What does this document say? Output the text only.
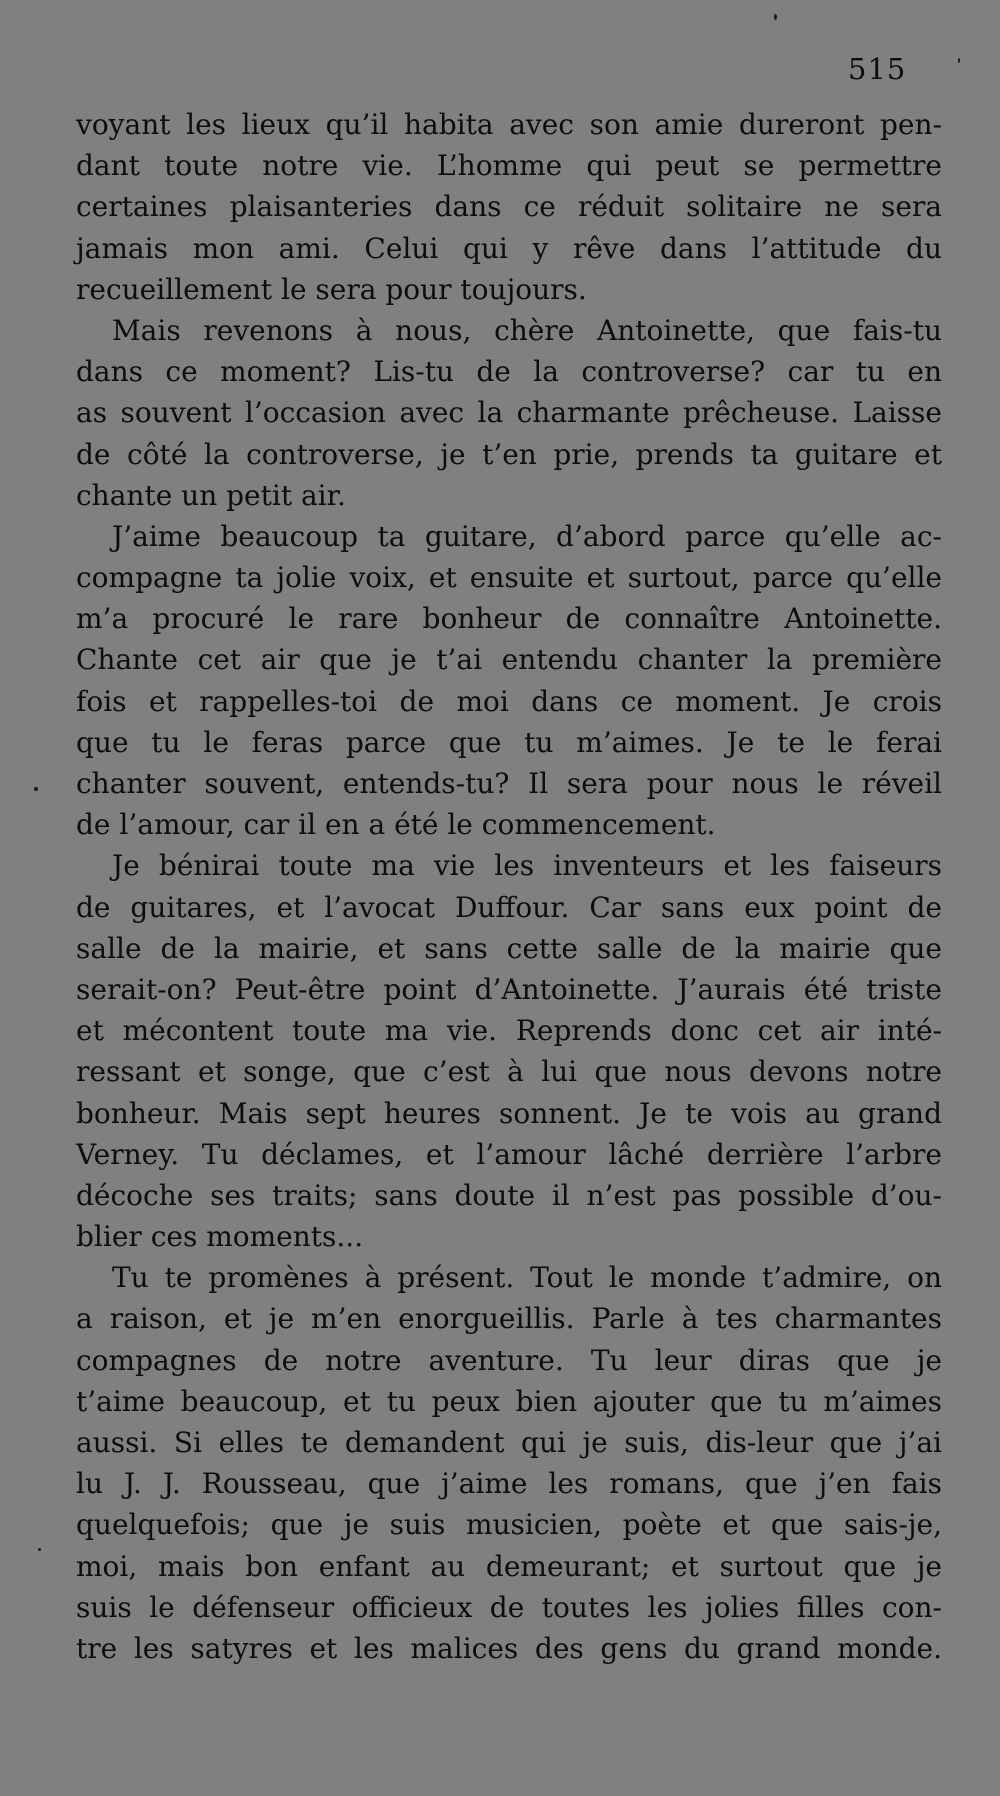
515

voyant les lieux qu’il habita avec son amie dureront pen-
dant toute notre vie. L’homme qui peut se permettre
certaines plaisanteries dans ce réduit solitaire ne sera
jamais mon ami. Celui qui y rêve dans l’attitude du
recueillement le sera pour toujours.

Mais revenons à nous, chère Antoinette, que fais-tu
dans ce moment? Lis-tu de la controverse? car tu en
as souvent l’occasion avec la charmante prêcheuse. Laisse
de côté la controverse, je t’en prie, prends ta guitare et
chante un petit air.

J’aime beaucoup ta guitare, d’abord parce qu’elle ac-
compagne ta jolie voix, et ensuite et surtout, parce qu’elle
m’a procuré le rare bonheur de connaître Antoinette.
Chante cet air que je t’ai entendu chanter la première
fois et rappelles-toi de moi dans ce moment. Je crois
que tu le feras parce que tu m’aimes. Je te le ferai
chanter souvent, entends-tu? Il sera pour nous le réveil
de l’amour, car il en a été le commencement.

Je bénirai toute ma vie les inventeurs et les faiseurs
de guitares, et l’avocat Duffour. Car sans eux point de
salle de la mairie, et sans cette salle de la mairie que
serait-on? Peut-être point d’Antoinette. J’aurais été triste
et mécontent toute ma vie. Reprends donc cet air inté-
ressant et songe, que c’est à lui que nous devons notre
bonheur. Mais sept heures sonnent. Je te vois au grand
Verney. Tu déclames, et l’amour lâché derrière l’arbre
décoche ses traits; sans doute il n’est pas possible d’ou-
blier ces moments...

Tu te promènes à présent. Tout le monde t’admire, on
a raison, et je m’en enorgueillis. Parle à tes charmantes
compagnes de notre aventure. Tu leur diras que je
t’aime beaucoup, et tu peux bien ajouter que tu m’aimes
aussi. Si elles te demandent qui je suis, dis-leur que j’ai
lu J. J. Rousseau, que j’aime les romans, que j’en fais
quelquefois; que je suis musicien, poète et que sais-je,
moi, mais bon enfant au demeurant; et surtout que je
suis le défenseur officieux de toutes les jolies filles con-
tre les satyres et les malices des gens du grand monde.
